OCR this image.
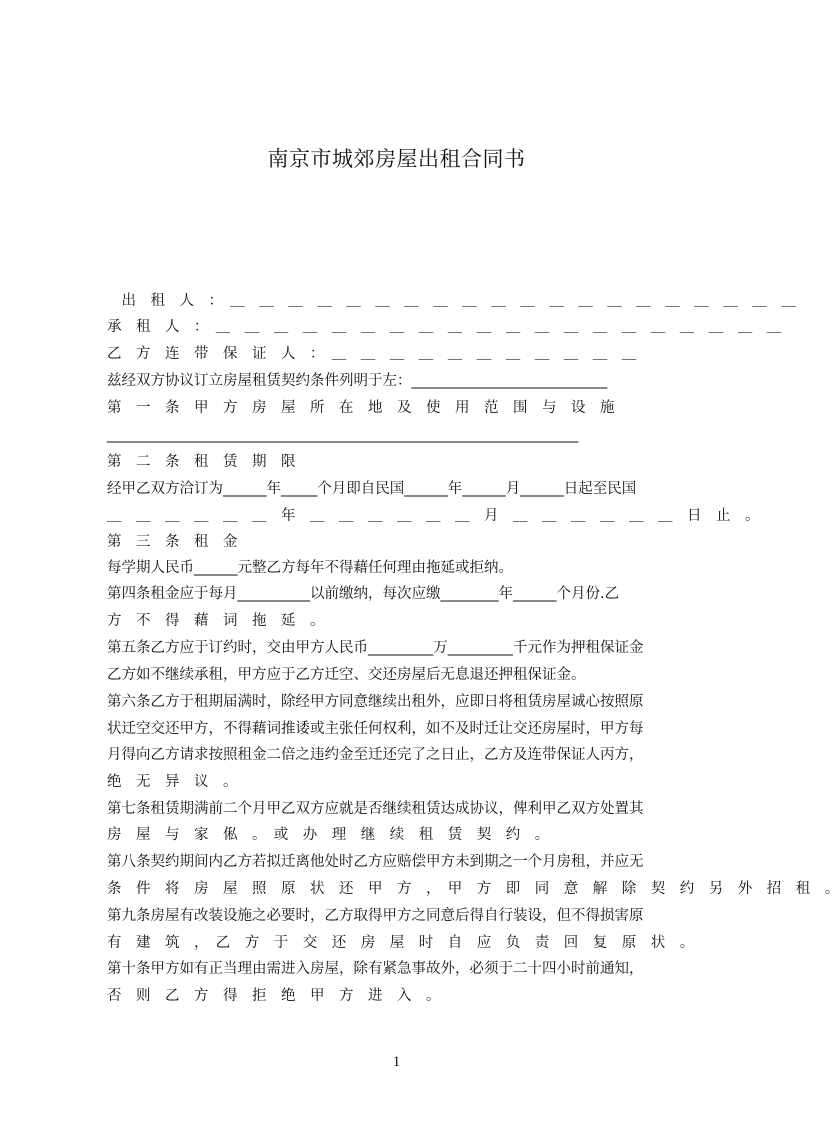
南京市城郊房屋出租合同书
　出　租　人　：　＿　＿　＿　＿　＿　＿　＿　＿　＿　＿　＿　＿　＿　＿　＿　＿　＿　＿　＿　＿
承　租　人　：　＿　＿　＿　＿　＿　＿　＿　＿　＿　＿　＿　＿　＿　＿　＿　＿　＿　＿　＿　＿
乙　方　连　带　保　证　人　：　＿　＿　＿　＿　＿　＿　＿　＿　＿　＿　＿
兹经双方协议订立房屋租赁契约条件列明于左：___________________________
第　一　条　甲　方　房　屋　所　在　地　及　使　用　范　围　与　设　施
_________________________________________________________________
第　二　条　租　赁　期　限
经甲乙双方洽订为______年_____个月即自民国______年______月______日起至民国
＿　＿　＿　＿　＿　＿　年　＿　＿　＿　＿　＿　＿　月　＿　＿　＿　＿　＿　＿　日　止　。
第　三　条　租　金
每学期人民币______元整乙方每年不得藉任何理由拖延或拒纳。
第四条租金应于每月__________以前缴纳，每次应缴________年______个月份.乙
方　不　得　藉　词　拖　延　。
第五条乙方应于订约时，交由甲方人民币_________万_________千元作为押租保证金
乙方如不继续承租，甲方应于乙方迁空、交还房屋后无息退还押租保证金。
第六条乙方于租期届满时，除经甲方同意继续出租外，应即日将租赁房屋诚心按照原
状迁空交还甲方，不得藉词推诿或主张任何权利，如不及时迁让交还房屋时，甲方每
月得向乙方请求按照租金二倍之违约金至迁还完了之日止，乙方及连带保证人丙方，
绝　无　异　议　。
第七条租赁期满前二个月甲乙双方应就是否继续租赁达成协议，俾利甲乙双方处置其
房　屋　与　家　俬　。　或　办　理　继　续　租　赁　契　约　。
第八条契约期间内乙方若拟迁离他处时乙方应赔偿甲方未到期之一个月房租，并应无
条　件　将　房　屋　照　原　状　还　甲　方　，　甲　方　即　同　意　解　除　契　约　另　外　招　租　。
第九条房屋有改装设施之必要时，乙方取得甲方之同意后得自行装设，但不得损害原
有　建　筑　，　乙　方　于　交　还　房　屋　时　自　应　负　责　回　复　原　状　。
第十条甲方如有正当理由需进入房屋，除有紧急事故外，必须于二十四小时前通知，
否　则　乙　方　得　拒　绝　甲　方　进　入　。
1
